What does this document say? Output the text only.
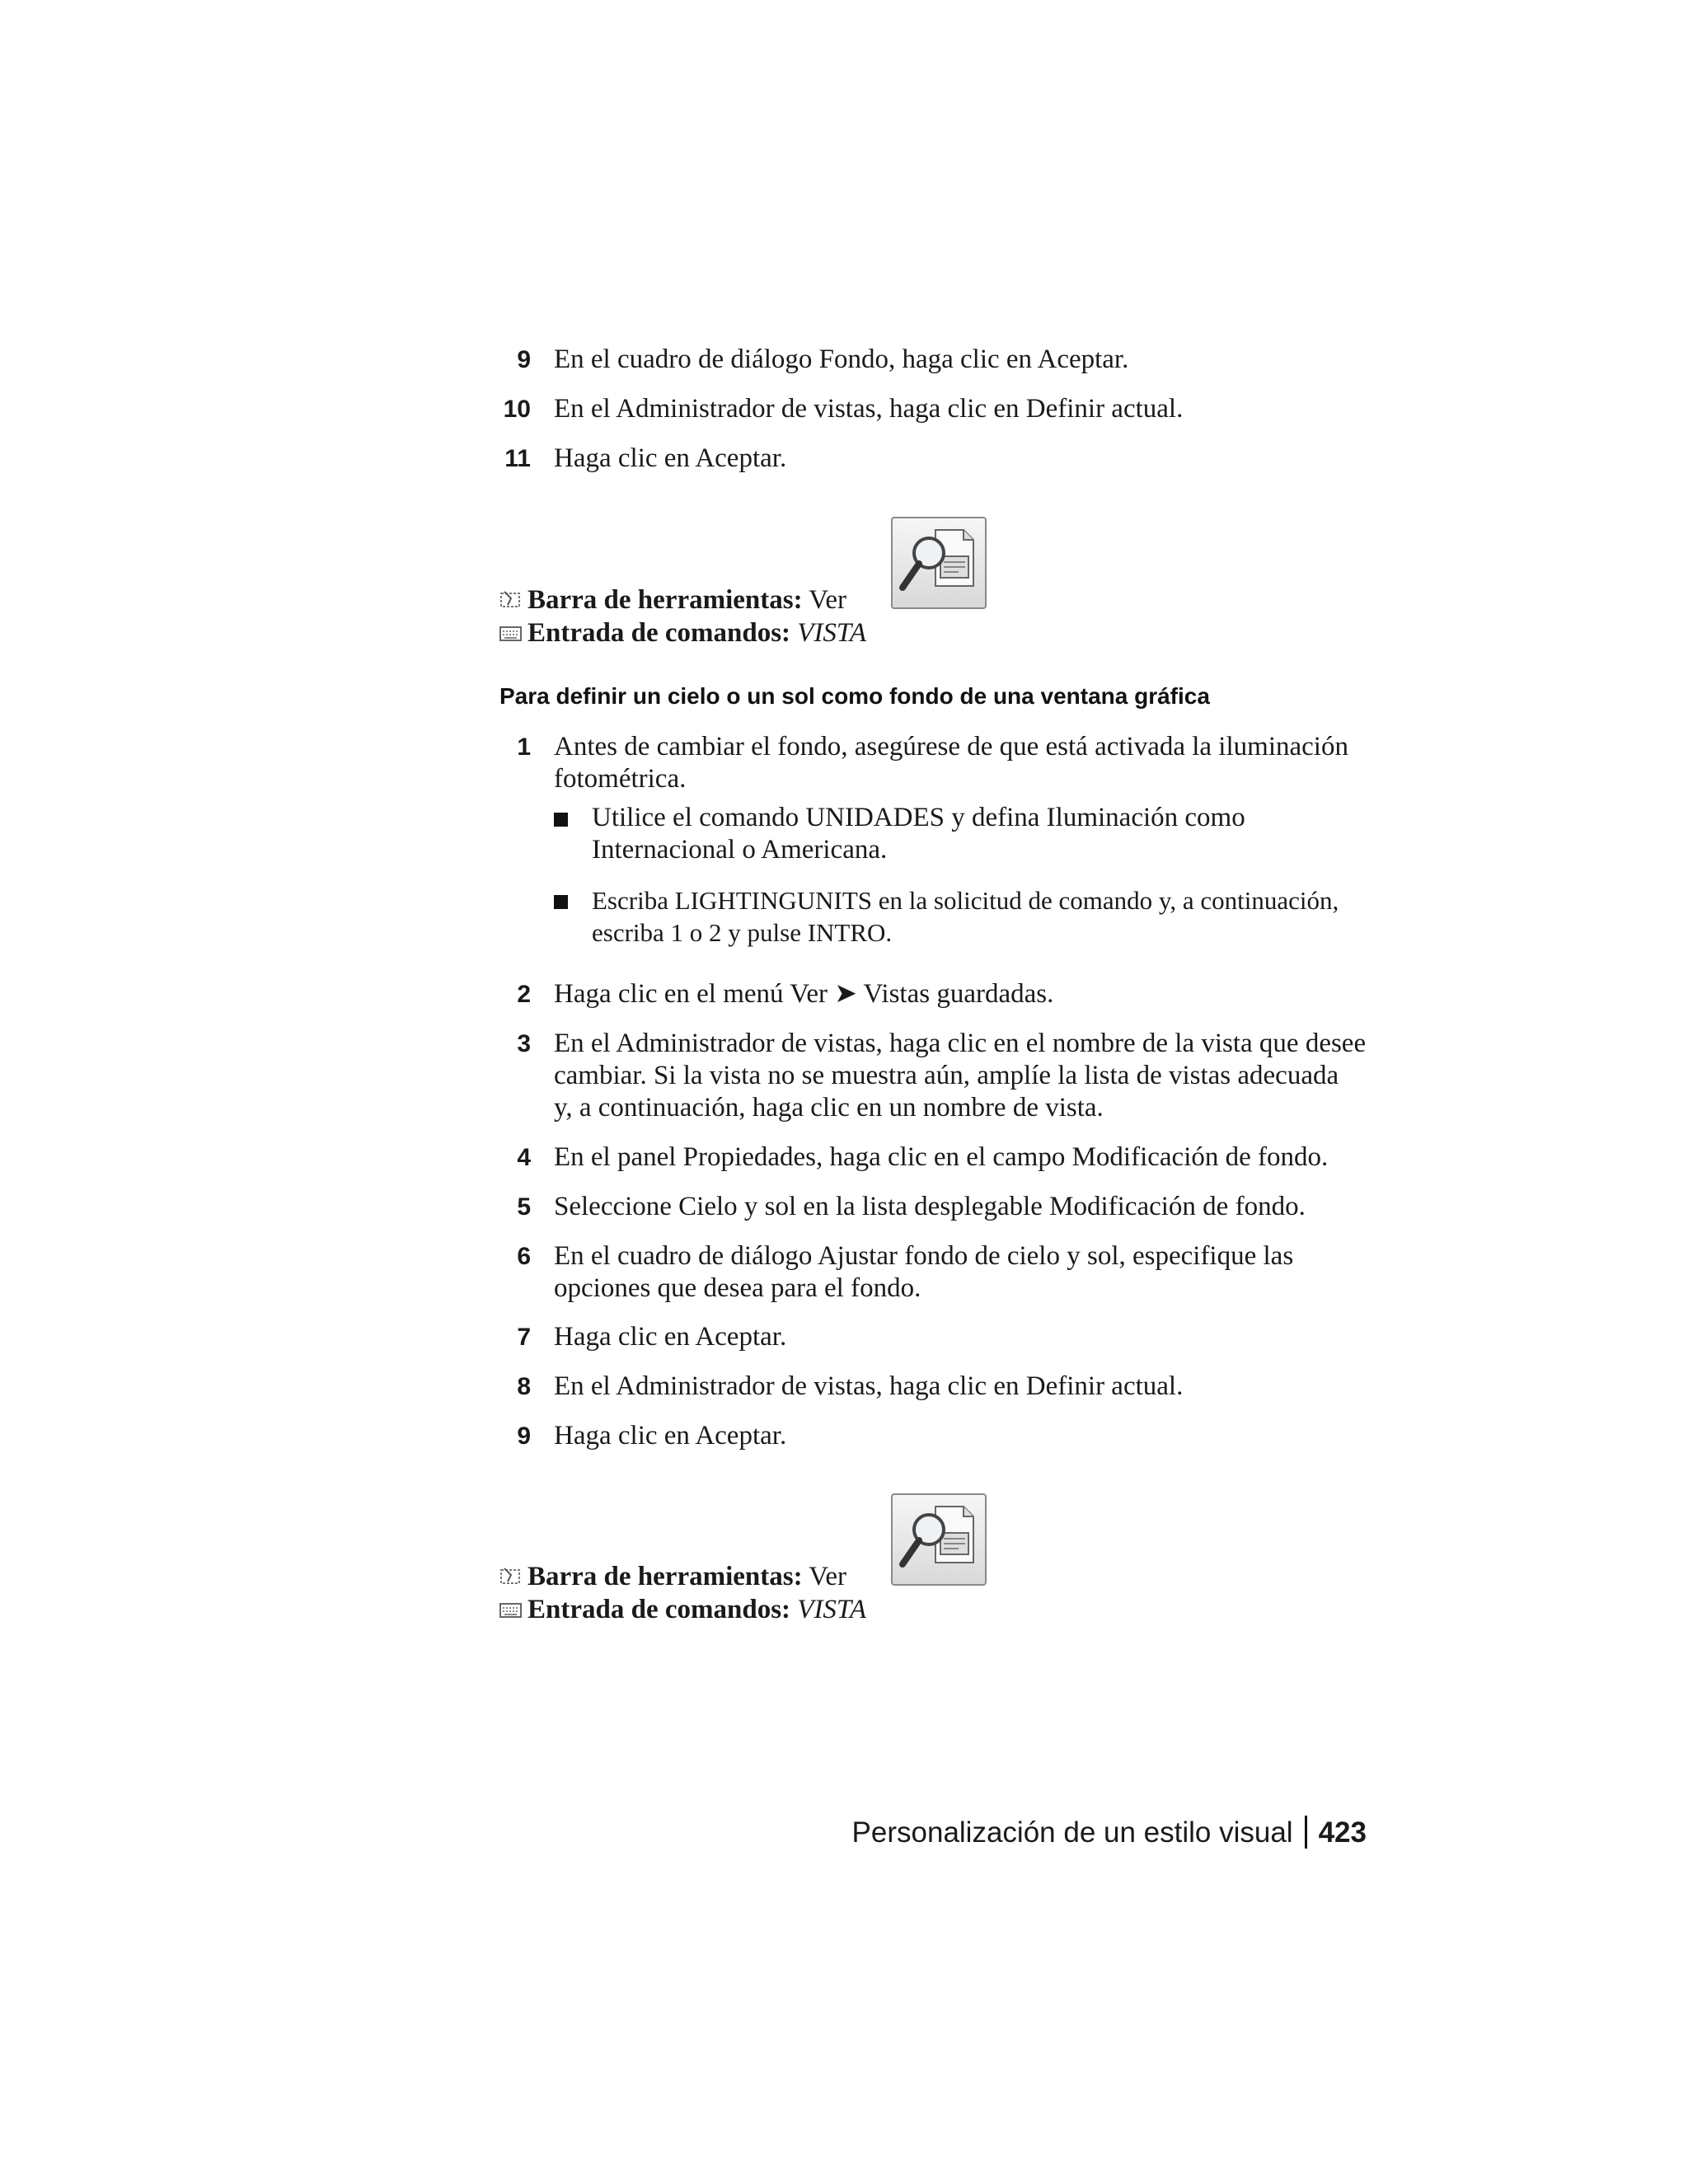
9 En el cuadro de diálogo Fondo, haga clic en Aceptar.
10 En el Administrador de vistas, haga clic en Definir actual.
11 Haga clic en Aceptar.
Barra de herramientas: Ver
Entrada de comandos: VISTA
Para definir un cielo o un sol como fondo de una ventana gráfica
1 Antes de cambiar el fondo, asegúrese de que está activada la iluminación
fotométrica.
Utilice el comando UNIDADES y defina Iluminación como
Internacional o Americana.
Escriba LIGHTINGUNITS en la solicitud de comando y, a continuación,
escriba 1 o 2 y pulse INTRO.
2 Haga clic en el menú Ver ➤ Vistas guardadas.
3 En el Administrador de vistas, haga clic en el nombre de la vista que desee
cambiar. Si la vista no se muestra aún, amplíe la lista de vistas adecuada
y, a continuación, haga clic en un nombre de vista.
4 En el panel Propiedades, haga clic en el campo Modificación de fondo.
5 Seleccione Cielo y sol en la lista desplegable Modificación de fondo.
6 En el cuadro de diálogo Ajustar fondo de cielo y sol, especifique las
opciones que desea para el fondo.
7 Haga clic en Aceptar.
8 En el Administrador de vistas, haga clic en Definir actual.
9 Haga clic en Aceptar.
Barra de herramientas: Ver
Entrada de comandos: VISTA
Personalización de un estilo visual 423
